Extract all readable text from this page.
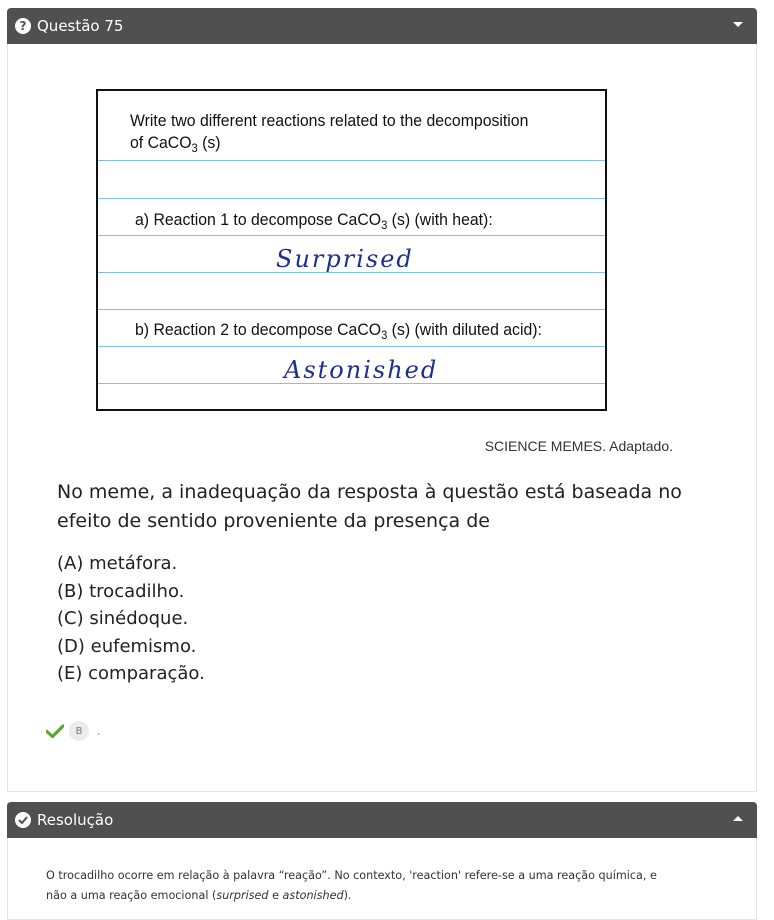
? Questão 75
Write two different reactions related to the decomposition
of CaCO$_3$ (s)
a) Reaction 1 to decompose CaCO$_3$ (s) (with heat):
Surprised
b) Reaction 2 to decompose CaCO$_3$ (s) (with diluted acid):
Astonished
SCIENCE MEMES. Adaptado.
No meme, a inadequação da resposta à questão está baseada no efeito de sentido proveniente da presença de
(A) metáfora.
(B) trocadilho.
(C) sinédoque.
(D) eufemismo.
(E) comparação.
B	.
Resolução
O trocadilho ocorre em relação à palavra “reação”. No contexto, 'reaction' refere-se a uma reação química, e
não a uma reação emocional (surprised e astonished).
